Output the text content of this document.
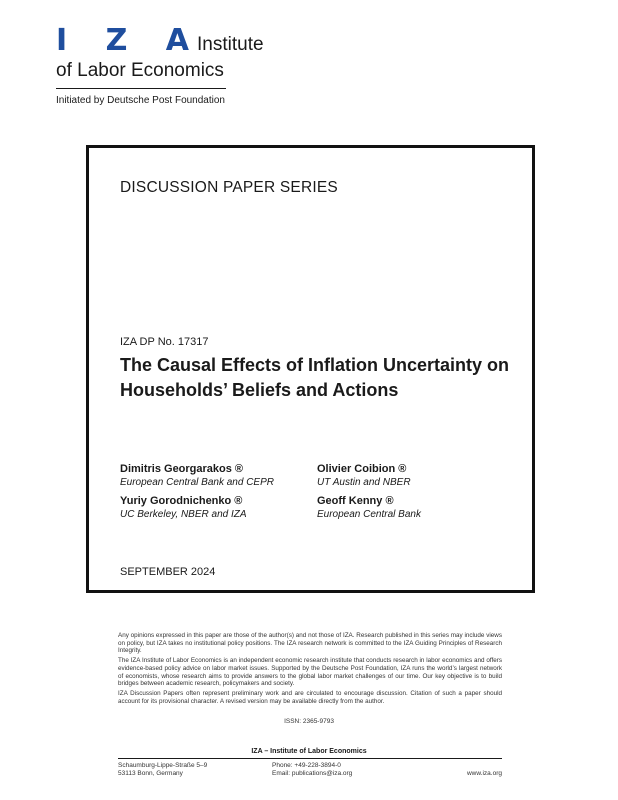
I Z A
Institute
of Labor Economics
Initiated by Deutsche Post Foundation
DISCUSSION PAPER SERIES
IZA DP No. 17317
The Causal Effects of Inflation Uncertainty on Households’ Beliefs and Actions
Dimitris Georgarakos ®
European Central Bank and CEPR
Olivier Coibion ®
UT Austin and NBER
Yuriy Gorodnichenko ®
UC Berkeley, NBER and IZA
Geoff Kenny ®
European Central Bank
SEPTEMBER 2024

Any opinions expressed in this paper are those of the author(s) and not those of IZA. Research published in this series may include views on policy, but IZA takes no institutional policy positions. The IZA research network is committed to the IZA Guiding Principles of Research Integrity.

The IZA Institute of Labor Economics is an independent economic research institute that conducts research in labor economics and offers evidence-based policy advice on labor market issues. Supported by the Deutsche Post Foundation, IZA runs the world’s largest network of economists, whose research aims to provide answers to the global labor market challenges of our time. Our key objective is to build bridges between academic research, policymakers and society.

IZA Discussion Papers often represent preliminary work and are circulated to encourage discussion. Citation of such a paper should account for its provisional character. A revised version may be available directly from the author.

ISSN: 2365-9793
IZA – Institute of Labor Economics
Schaumburg-Lippe-Straße 5–9
53113 Bonn, Germany
Phone: +49-228-3894-0
Email: publications@iza.org	www.iza.org
